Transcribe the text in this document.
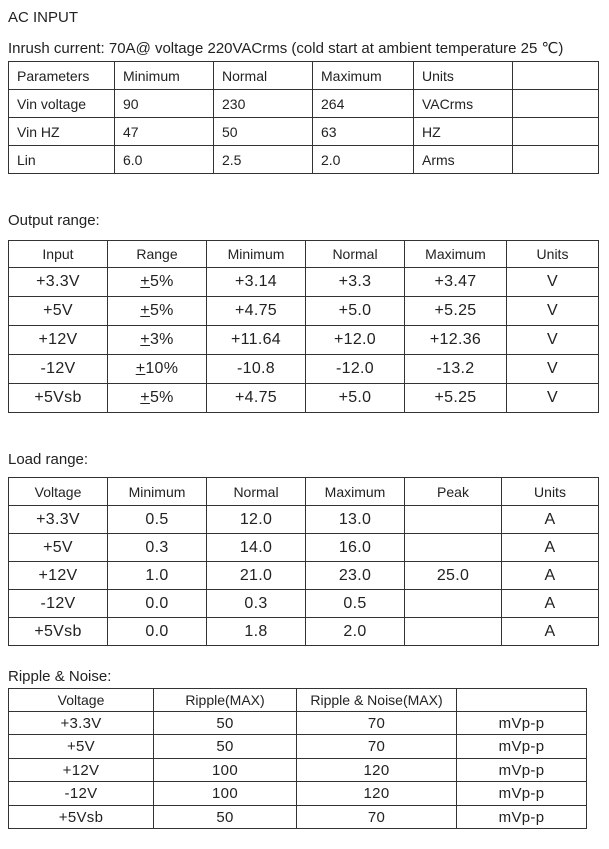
AC INPUT
Inrush current: 70A@ voltage 220VACrms (cold start at ambient temperature 25 ℃)
Parameters	Minimum	Normal	Maximum	Units	
Vin voltage	90	230	264	VACrms	
Vin HZ	47	50	63	HZ	
Lin	6.0	2.5	2.0	Arms	
Output range:
Input	Range	Minimum	Normal	Maximum	Units
+3.3V	+5%	+3.14	+3.3	+3.47	V
+5V	+5%	+4.75	+5.0	+5.25	V
+12V	+3%	+11.64	+12.0	+12.36	V
-12V	+10%	-10.8	-12.0	-13.2	V
+5Vsb	+5%	+4.75	+5.0	+5.25	V
Load range:
Voltage	Minimum	Normal	Maximum	Peak	Units
+3.3V	0.5	12.0	13.0		A
+5V	0.3	14.0	16.0		A
+12V	1.0	21.0	23.0	25.0	A
-12V	0.0	0.3	0.5		A
+5Vsb	0.0	1.8	2.0		A
Ripple & Noise:
Voltage	Ripple(MAX)	Ripple & Noise(MAX)	
+3.3V	50	70	mVp-p
+5V	50	70	mVp-p
+12V	100	120	mVp-p
-12V	100	120	mVp-p
+5Vsb	50	70	mVp-p
